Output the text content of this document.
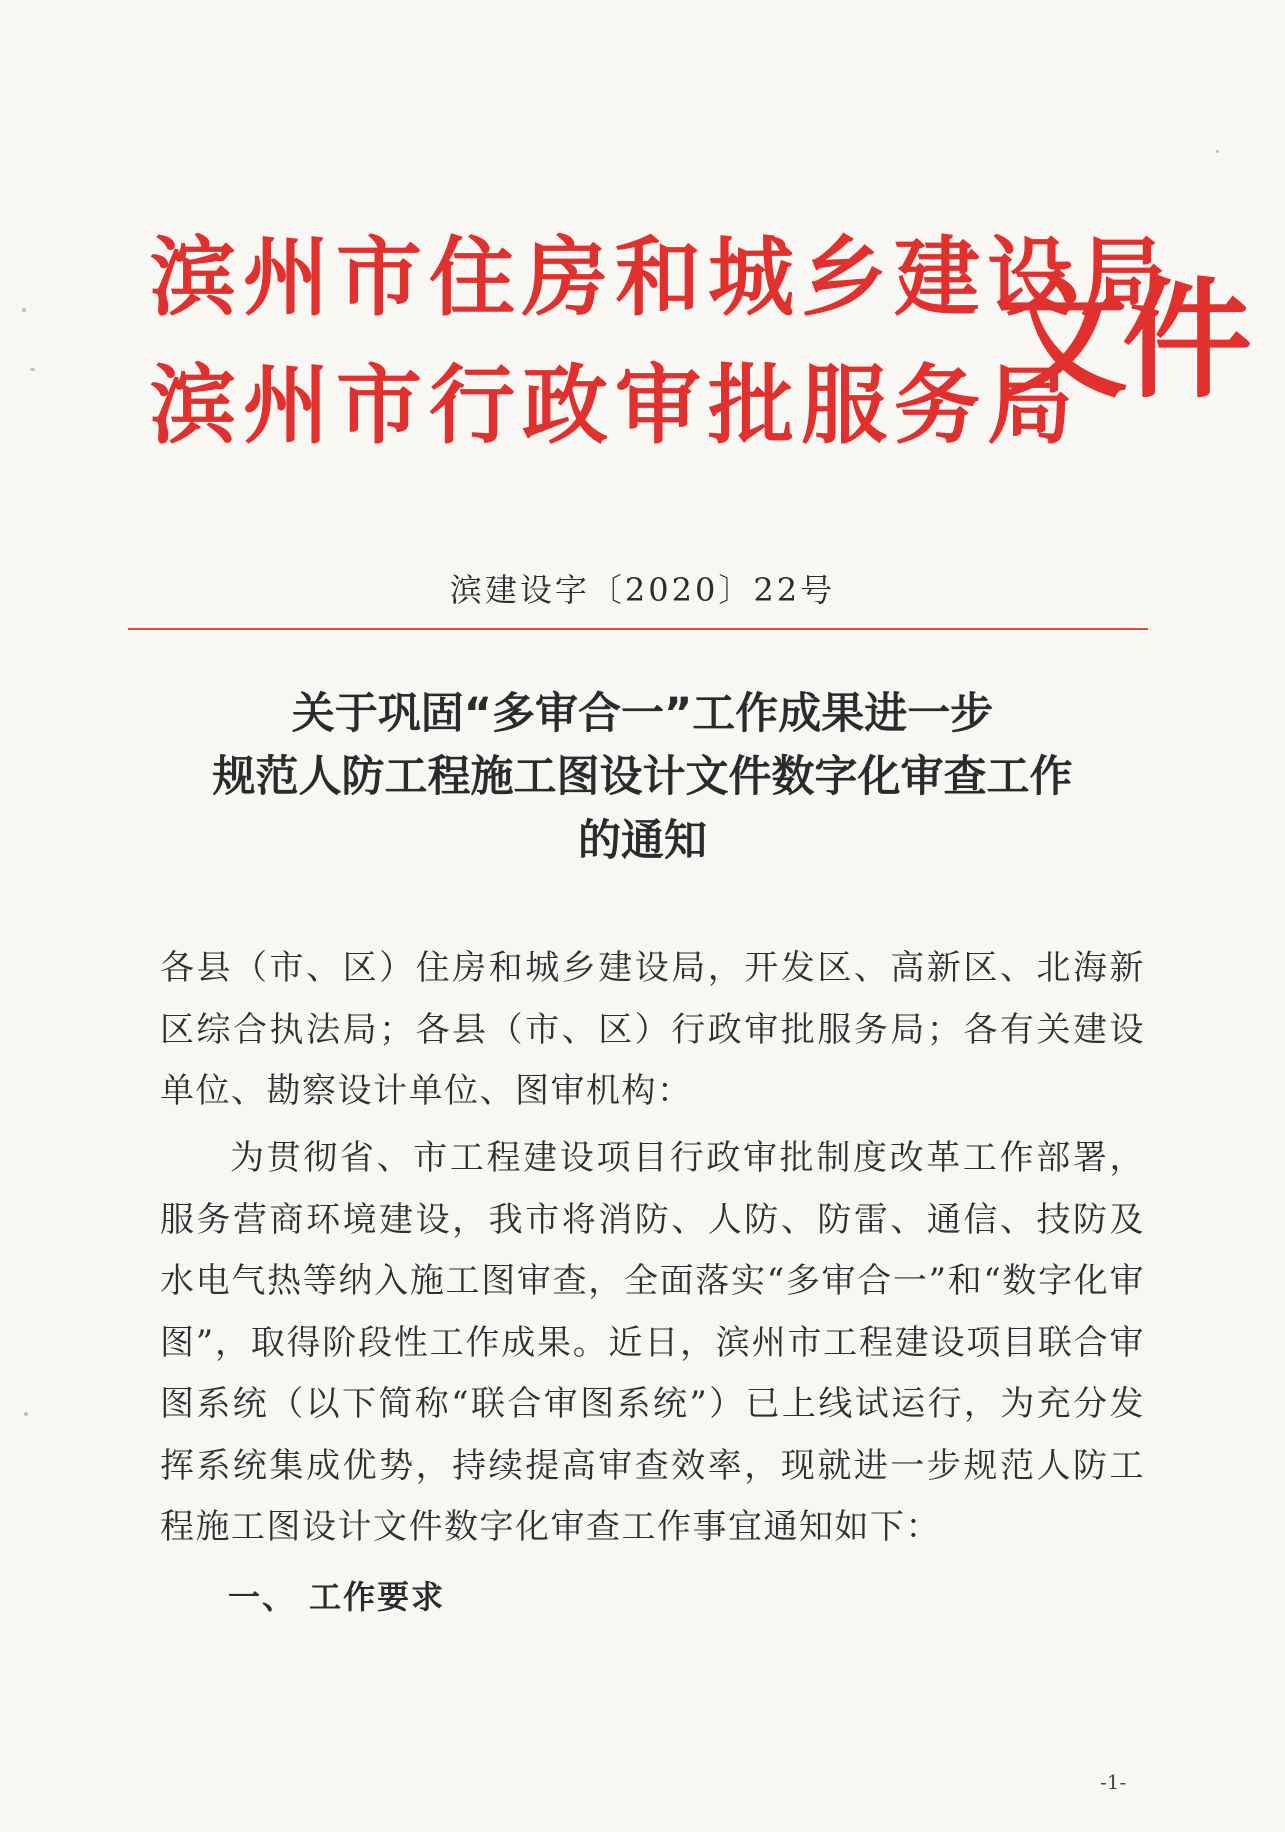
滨州市住房和城乡建设局
滨州市行政审批服务局
文件
滨建设字〔2020〕22号
关于巩固“多审合一”工作成果进一步
规范人防工程施工图设计文件数字化审查工作
的通知
各县（市、区）住房和城乡建设局，开发区、高新区、北海新区综合执法局；各县（市、区）行政审批服务局；各有关建设单位、勘察设计单位、图审机构：
为贯彻省、市工程建设项目行政审批制度改革工作部署，服务营商环境建设，我市将消防、人防、防雷、通信、技防及水电气热等纳入施工图审查，全面落实“多审合一”和“数字化审图”，取得阶段性工作成果。近日，滨州市工程建设项目联合审图系统（以下简称“联合审图系统”）已上线试运行，为充分发挥系统集成优势，持续提高审查效率，现就进一步规范人防工程施工图设计文件数字化审查工作事宜通知如下：
一、 工作要求
-1-
